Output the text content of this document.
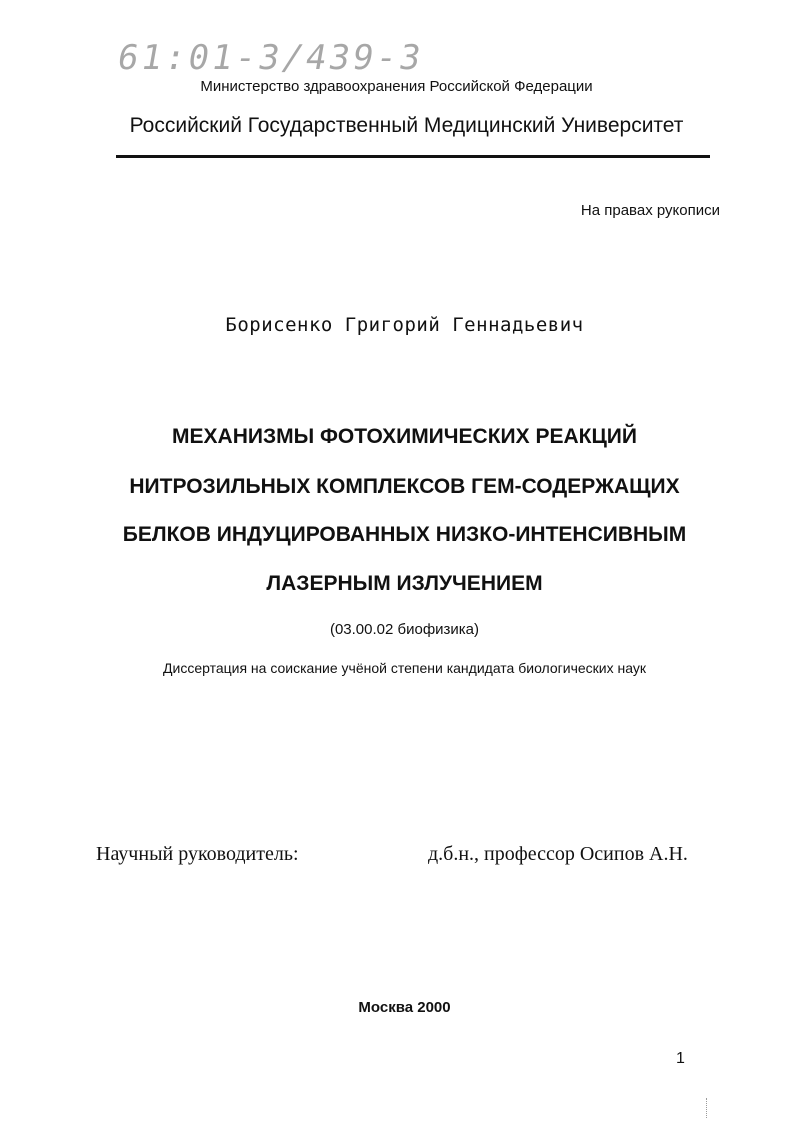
61:01-3/439-3
Министерство здравоохранения Российской Федерации
Российский Государственный Медицинский Университет
На правах рукописи
Борисенко Григорий Геннадьевич
МЕХАНИЗМЫ ФОТОХИМИЧЕСКИХ РЕАКЦИЙ
НИТРОЗИЛЬНЫХ КОМПЛЕКСОВ ГЕМ-СОДЕРЖАЩИХ
БЕЛКОВ ИНДУЦИРОВАННЫХ НИЗКО-ИНТЕНСИВНЫМ
ЛАЗЕРНЫМ ИЗЛУЧЕНИЕМ
(03.00.02 биофизика)
Диссертация на соискание учёной степени кандидата биологических наук
Научный руководитель:	д.б.н., профессор Осипов А.Н.
Москва 2000
1
